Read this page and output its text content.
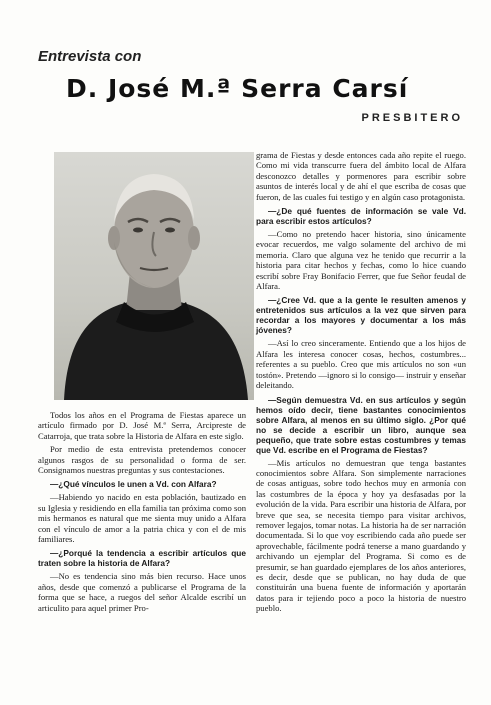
Entrevista con
D. José M.ª Serra Carsí
PRESBITERO

Todos los años en el Programa de Fiestas aparece un artículo firmado por D. José M.ª Serra, Arcipreste de Catarroja, que trata sobre la Historia de Alfara en este siglo.

Por medio de esta entrevista pretendemos conocer algunos rasgos de su personalidad o forma de ser. Consignamos nuestras preguntas y sus contestaciones.

—¿Qué vínculos le unen a Vd. con Alfara?

—Habiendo yo nacido en esta población, bautizado en su Iglesia y residiendo en ella familia tan próxima como son mis hermanos es natural que me sienta muy unido a Alfara con el vínculo de amor a la patria chica y con el de mis familiares.

—¿Porqué la tendencia a escribir artículos que traten sobre la historia de Alfara?

—No es tendencia sino más bien recurso. Hace unos años, desde que comenzó a publicarse el Programa de la forma que se hace, a ruegos del señor Alcalde escribí un articulito para aquel primer Pro-

grama de Fiestas y desde entonces cada año repite el ruego. Como mi vida transcurre fuera del ámbito local de Alfara desconozco detalles y pormenores para escribir sobre asuntos de interés local y de ahí el que escriba de cosas que fueron, de las cuales fui testigo y en algún caso protagonista.

—¿De qué fuentes de información se vale Vd. para escribir estos artículos?

—Como no pretendo hacer historia, sino únicamente evocar recuerdos, me valgo solamente del archivo de mi memoria. Claro que alguna vez he tenido que recurrir a la historia para citar hechos y fechas, como lo hice cuando escribí sobre Fray Bonifacio Ferrer, que fue Señor feudal de Alfara.

—¿Cree Vd. que a la gente le resulten amenos y entretenidos sus artículos a la vez que sirven para recordar a los mayores y documentar a los más jóvenes?

—Así lo creo sinceramente. Entiendo que a los hijos de Alfara les interesa conocer cosas, hechos, costumbres... referentes a su pueblo. Creo que mis artículos no son «un tostón». Pretendo —ignoro si lo consigo— instruir y enseñar deleitando.

—Según demuestra Vd. en sus artículos y según hemos oído decir, tiene bastantes conocimientos sobre Alfara, al menos en su último siglo. ¿Por qué no se decide a escribir un libro, aunque sea pequeño, que trate sobre estas costumbres y temas que Vd. escribe en el Programa de Fiestas?

—Mis artículos no demuestran que tenga bastantes conocimientos sobre Alfara. Son simplemente narraciones de cosas antiguas, sobre todo hechos muy en armonía con las costumbres de la época y hoy ya desfasadas por la evolución de la vida. Para escribir una historia de Alfara, por breve que sea, se necesita tiempo para visitar archivos, remover legajos, tomar notas. La historia ha de ser narración documentada. Si lo que voy escribiendo cada año puede ser aprovechable, fácilmente podrá tenerse a mano guardando y archivando un ejemplar del Programa. Si como es de presumir, se han guardado ejemplares de los años anteriores, es decir, desde que se publican, no hay duda de que constituirán una buena fuente de información y aportarán datos para ir tejiendo poco a poco la historia de nuestro pueblo.
